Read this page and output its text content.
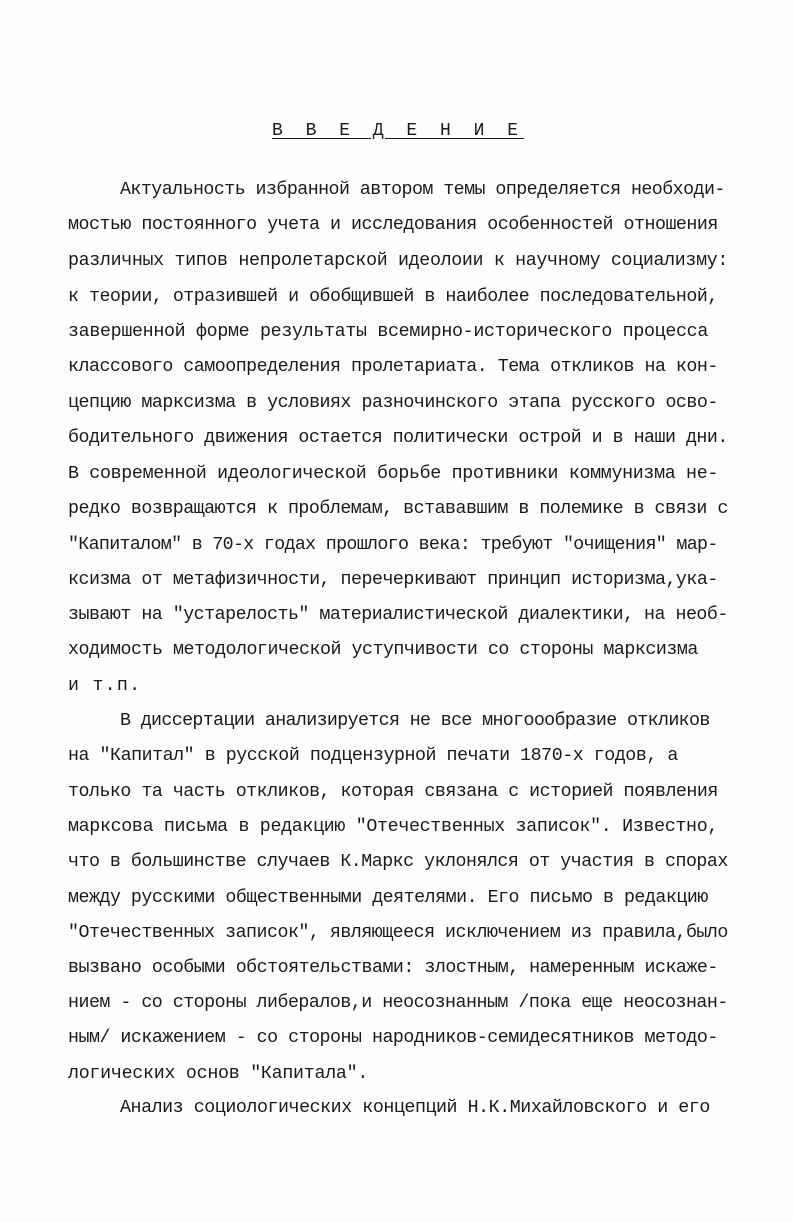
В В Е Д Е Н И Е
Актуальность избранной автором темы определяется необходи-
мостью постоянного учета и исследования особенностей отношения
различных типов непролетарской идеолоии к научному социализму:
к теории, отразившей и обобщившей в наиболее последовательной,
завершенной форме результаты всемирно-исторического процесса
классового самоопределения пролетариата. Тема откликов на кон-
цепцию марксизма в условиях разночинского этапа русского осво-
бодительного движения остается политически острой и в наши дни.
В современной идеологической борьбе противники коммунизма не-
редко возвращаются к проблемам, встававшим в полемике в связи с
"Капиталом" в 70-х годах прошлого века: требуют "очищения" мар-
ксизма от метафизичности, перечеркивают принцип историзма,ука-
зывают на "устарелость" материалистической диалектики, на необ-
ходимость методологической уступчивости со стороны марксизма
и т.п.
В диссертации анализируется не все многоообразие откликов
на "Капитал" в русской подцензурной печати 1870-х годов, а
только та часть откликов, которая связана с историей появления
марксова письма в редакцию "Отечественных записок". Известно,
что в большинстве случаев К.Маркс уклонялся от участия в спорах
между русскими общественными деятелями. Его письмо в редакцию
"Отечественных записок", являющееся исключением из правила,было
вызвано особыми обстоятельствами: злостным, намеренным искаже-
нием - со стороны либералов,и неосознанным /пока еще неосознан-
ным/ искажением - со стороны народников-семидесятников методо-
логических основ "Капитала".
Анализ социологических концепций Н.К.Михайловского и его
